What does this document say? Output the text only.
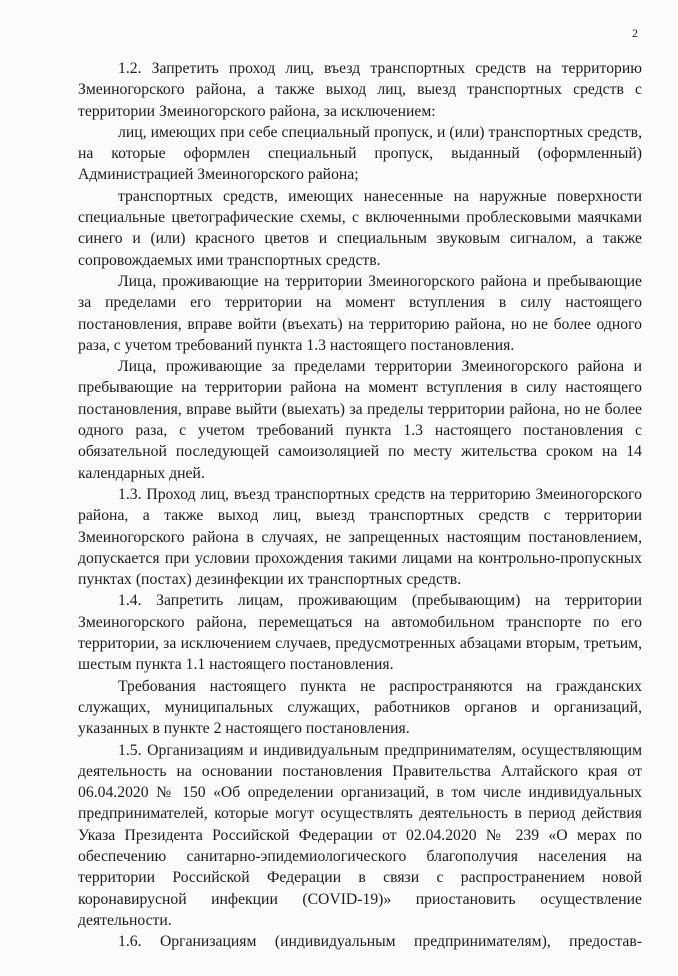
2

1.2. Запретить проход лиц, въезд транспортных средств на территорию Змеиногорского района, а также выход лиц, выезд транспортных средств с территории Змеиногорского района, за исключением:

лиц, имеющих при себе специальный пропуск, и (или) транспортных средств, на которые оформлен специальный пропуск, выданный (оформленный) Администрацией Змеиногорского района;

транспортных средств, имеющих нанесенные на наружные поверхности специальные цветографические схемы, с включенными проблесковыми маячками синего и (или) красного цветов и специальным звуковым сигналом, а также сопровождаемых ими транспортных средств.

Лица, проживающие на территории Змеиногорского района и пребывающие за пределами его территории на момент вступления в силу настоящего постановления, вправе войти (въехать) на территорию района, но не более одного раза, с учетом требований пункта 1.3 настоящего постановления.

Лица, проживающие за пределами территории Змеиногорского района и пребывающие на территории района на момент вступления в силу настоящего постановления, вправе выйти (выехать) за пределы территории района, но не более одного раза, с учетом требований пункта 1.3 настоящего постановления с обязательной последующей самоизоляцией по месту жительства сроком на 14 календарных дней.

1.3. Проход лиц, въезд транспортных средств на территорию Змеиногорского района, а также выход лиц, выезд транспортных средств с территории Змеиногорского района в случаях, не запрещенных настоящим постановлением, допускается при условии прохождения такими лицами на контрольно-пропускных пунктах (постах) дезинфекции их транспортных средств.

1.4. Запретить лицам, проживающим (пребывающим) на территории Змеиногорского района, перемещаться на автомобильном транспорте по его территории, за исключением случаев, предусмотренных абзацами вторым, третьим, шестым пункта 1.1 настоящего постановления.

Требования настоящего пункта не распространяются на гражданских служащих, муниципальных служащих, работников органов и организаций, указанных в пункте 2 настоящего постановления.

1.5. Организациям и индивидуальным предпринимателям, осуществляющим деятельность на основании постановления Правительства Алтайского края от 06.04.2020 № 150 «Об определении организаций, в том числе индивидуальных предпринимателей, которые могут осуществлять деятельность в период действия Указа Президента Российской Федерации от 02.04.2020 № 239 «О мерах по обеспечению санитарно-эпидемиологического благополучия населения на территории Российской Федерации в связи с распространением новой коронавирусной инфекции (COVID-19)» приостановить осуществление деятельности.

1.6. Организациям (индивидуальным предпринимателям), предостав-
